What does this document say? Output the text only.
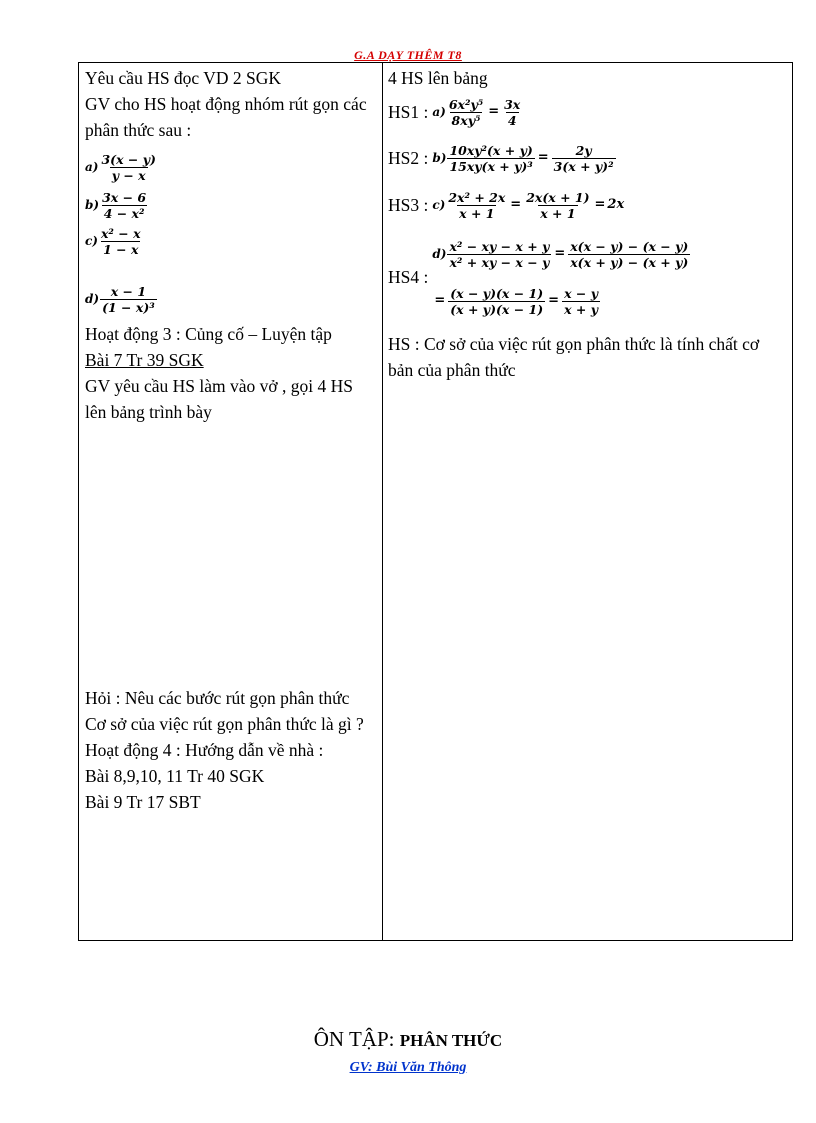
G.A DẠY THÊM T8
Yêu cầu HS đọc VD 2 SGK
GV cho HS hoạt động nhóm rút gọn các phân thức sau :
$a) \frac{3(x - y)}{y - x}$
$b) \frac{3x - 6}{\text{4 − x²}}$
$c) \frac{\text{x² − x}}{1 - x}$
$d) \frac{x - 1}{\text{(1 − x)³}}$
Hoạt động 3 : Củng cố – Luyện tập
Bài 7 Tr 39 SGK
GV yêu cầu HS làm vào vở , gọi 4 HS lên bảng trình bày
Hỏi : Nêu các bước rút gọn phân thức
Cơ sở của việc rút gọn phân thức là gì ?
Hoạt động 4 : Hướng dẫn về nhà :
Bài 8,9,10, 11 Tr 40 SGK
Bài 9 Tr 17 SBT
4 HS lên bảng
HS1 : $a) \frac{\text{6x²y⁵}}{\text{8xy⁵}} = \frac{3x}{4}$
HS2 : $b) \frac{\text{10xy²(x + y)}}{\text{15xy(x + y)³}} = \frac{2y}{\text{3(x + y)²}}$
HS3 : $c) \frac{\text{2x² + 2x}}{x + 1} = \frac{2x(x + 1)}{x + 1} = 2x$
HS4 :
$d) \frac{\text{x² − xy − x + y}}{\text{x² + xy − x − y}} = \frac{x(x - y) - (x - y)}{x(x + y) - (x + y)}$
= $\frac{(x - y)(x - 1)}{(x + y)(x - 1)} = \frac{x - y}{x + y}$
HS : Cơ sở của việc rút gọn phân thức là tính chất cơ bản của phân thức
ÔN TẬP: PHÂN THỨC
GV: Bùi Văn Thông
